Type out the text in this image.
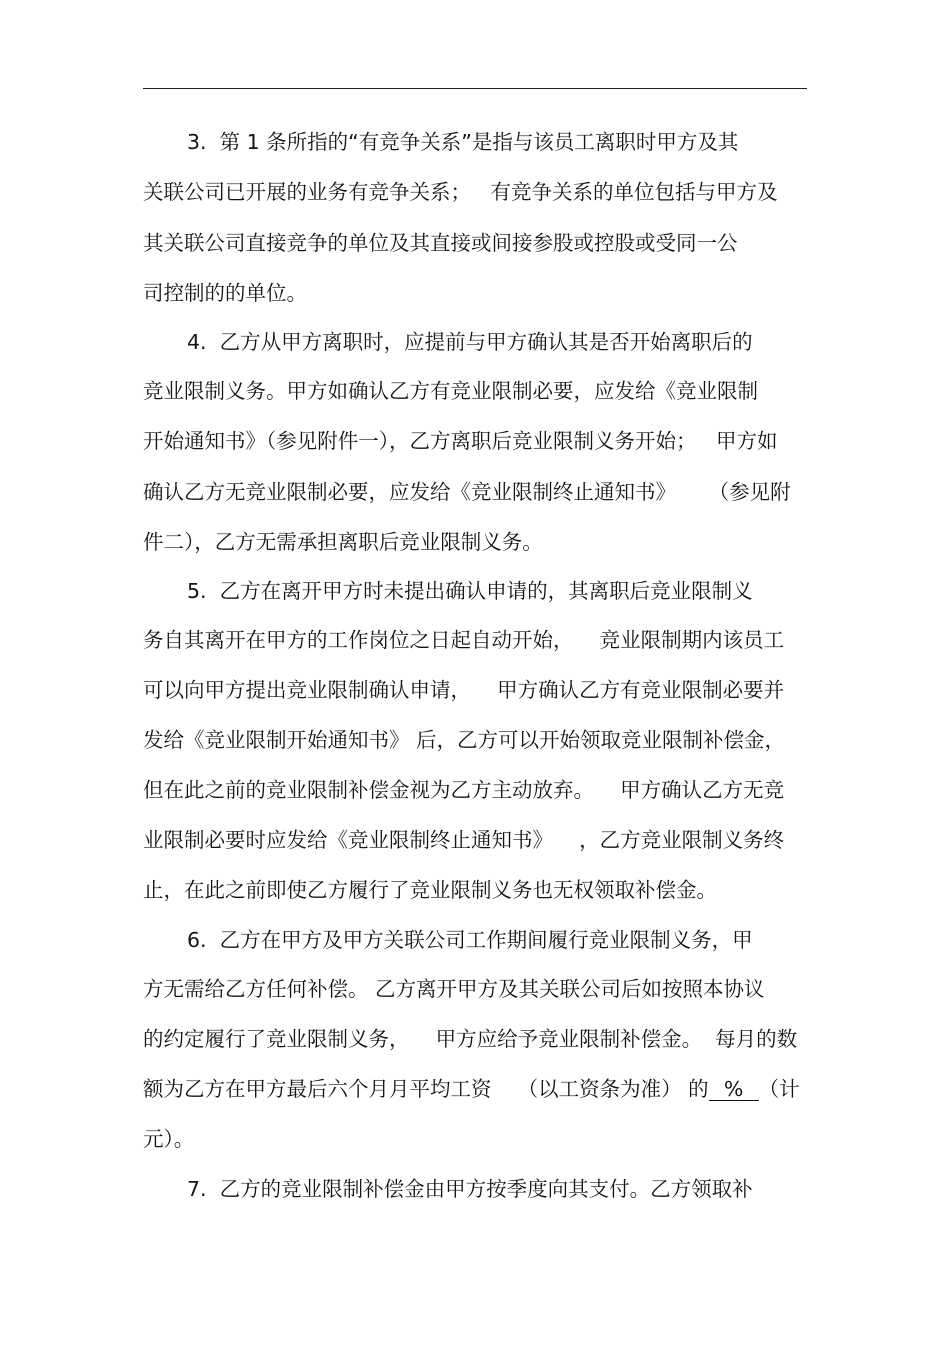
3.  第 1 条所指的“有竞争关系”是指与该员工离职时甲方及其
关联公司已开展的业务有竞争关系；   有竞争关系的单位包括与甲方及
其关联公司直接竞争的单位及其直接或间接参股或控股或受同一公
司控制的的单位。
4.  乙方从甲方离职时，应提前与甲方确认其是否开始离职后的
竞业限制义务。甲方如确认乙方有竞业限制必要，应发给《竞业限制
开始通知书》（参见附件一），乙方离职后竞业限制义务开始；   甲方如
确认乙方无竞业限制必要，应发给《竞业限制终止通知书》     （参见附
件二），乙方无需承担离职后竞业限制义务。
5.  乙方在离开甲方时未提出确认申请的，其离职后竞业限制义
务自其离开在甲方的工作岗位之日起自动开始，    竞业限制期内该员工
可以向甲方提出竞业限制确认申请，    甲方确认乙方有竞业限制必要并
发给《竞业限制开始通知书》 后，乙方可以开始领取竞业限制补偿金，
但在此之前的竞业限制补偿金视为乙方主动放弃。    甲方确认乙方无竞
业限制必要时应发给《竞业限制终止通知书》    ，乙方竞业限制义务终
止，在此之前即使乙方履行了竞业限制义务也无权领取补偿金。
6.  乙方在甲方及甲方关联公司工作期间履行竞业限制义务，甲
方无需给乙方任何补偿。 乙方离开甲方及其关联公司后如按照本协议
的约定履行了竞业限制义务，    甲方应给予竞业限制补偿金。  每月的数
额为乙方在甲方最后六个月月平均工资    （以工资条为准） 的 % （计
元）。
7.  乙方的竞业限制补偿金由甲方按季度向其支付。乙方领取补
